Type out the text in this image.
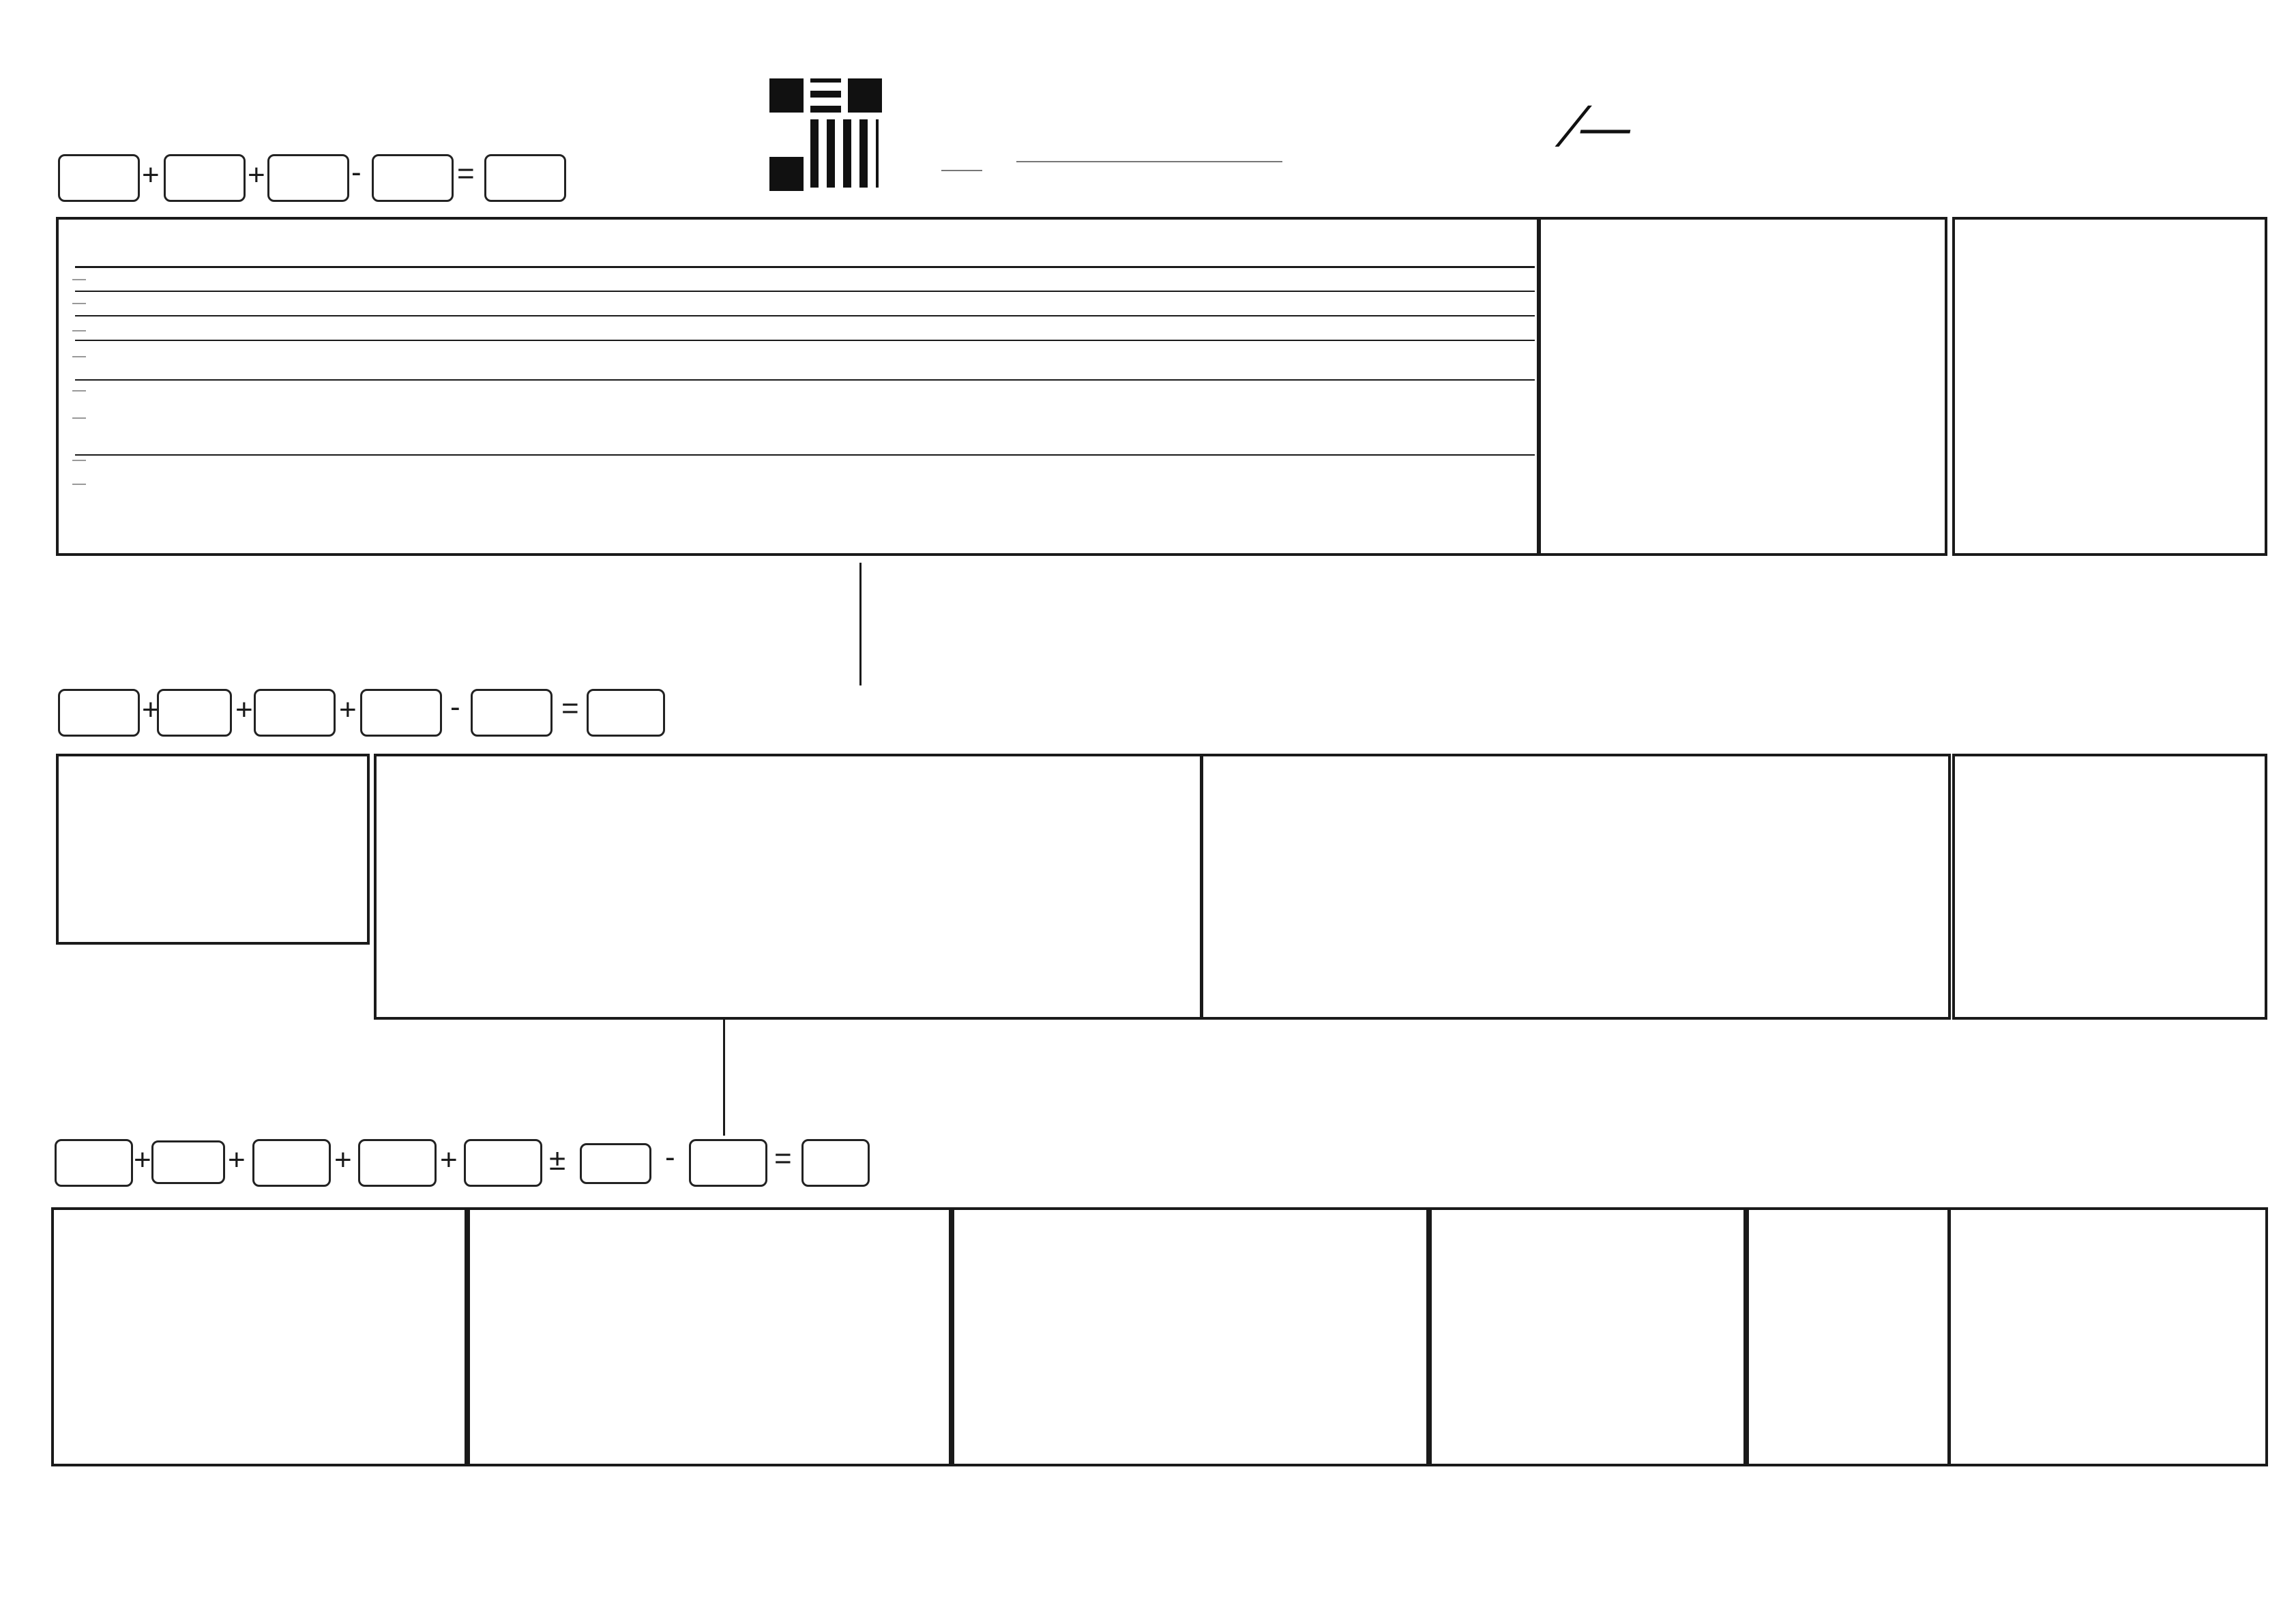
⁄—
+	+	-	=
+	+	+	-	=
+	+	+	+	±	-	=
